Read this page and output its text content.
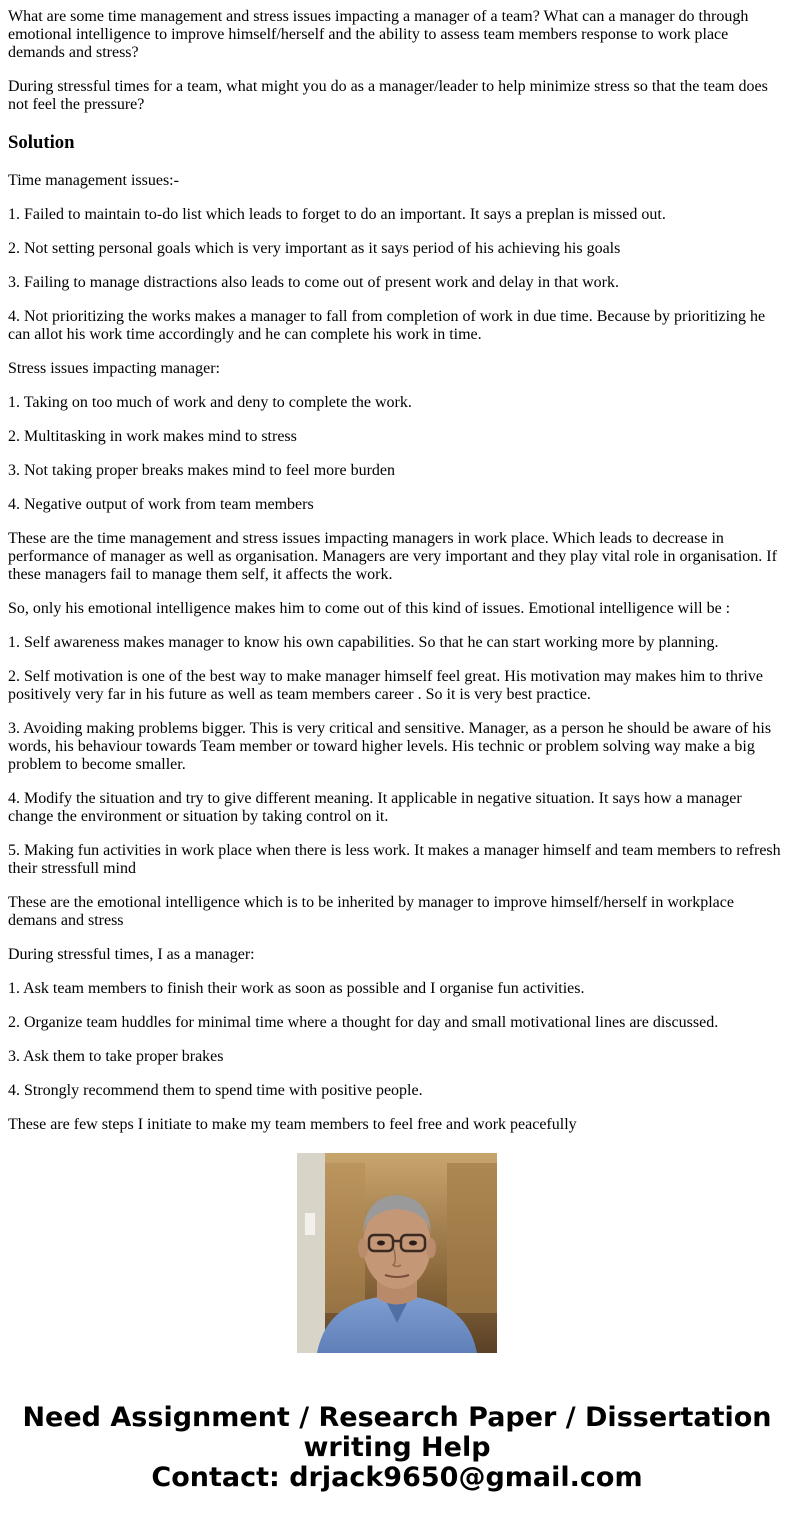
What are some time management and stress issues impacting a manager of a team? What can a manager do through emotional intelligence to improve himself/herself and the ability to assess team members response to work place demands and stress?

During stressful times for a team, what might you do as a manager/leader to help minimize stress so that the team does not feel the pressure?

Solution

Time management issues:-

1. Failed to maintain to-do list which leads to forget to do an important. It says a preplan is missed out.

2. Not setting personal goals which is very important as it says period of his achieving his goals

3. Failing to manage distractions also leads to come out of present work and delay in that work.

4. Not prioritizing the works makes a manager to fall from completion of work in due time. Because by prioritizing he can allot his work time accordingly and he can complete his work in time.

Stress issues impacting manager:

1. Taking on too much of work and deny to complete the work.

2. Multitasking in work makes mind to stress

3. Not taking proper breaks makes mind to feel more burden

4. Negative output of work from team members

These are the time management and stress issues impacting managers in work place. Which leads to decrease in performance of manager as well as organisation. Managers are very important and they play vital role in organisation. If these managers fail to manage them self, it affects the work.

So, only his emotional intelligence makes him to come out of this kind of issues. Emotional intelligence will be :

1. Self awareness makes manager to know his own capabilities. So that he can start working more by planning.

2. Self motivation is one of the best way to make manager himself feel great. His motivation may makes him to thrive positively very far in his future as well as team members career . So it is very best practice.

3. Avoiding making problems bigger. This is very critical and sensitive. Manager, as a person he should be aware of his words, his behaviour towards Team member or toward higher levels. His technic or problem solving way make a big problem to become smaller.

4. Modify the situation and try to give different meaning. It applicable in negative situation. It says how a manager change the environment or situation by taking control on it.

5. Making fun activities in work place when there is less work. It makes a manager himself and team members to refresh their stressfull mind

These are the emotional intelligence which is to be inherited by manager to improve himself/herself in workplace demans and stress

During stressful times, I as a manager:

1. Ask team members to finish their work as soon as possible and I organise fun activities.

2. Organize team huddles for minimal time where a thought for day and small motivational lines are discussed.

3. Ask them to take proper brakes

4. Strongly recommend them to spend time with positive people.

These are few steps I initiate to make my team members to feel free and work peacefully

Need Assignment / Research Paper / Dissertation
writing Help
Contact: drjack9650@gmail.com
